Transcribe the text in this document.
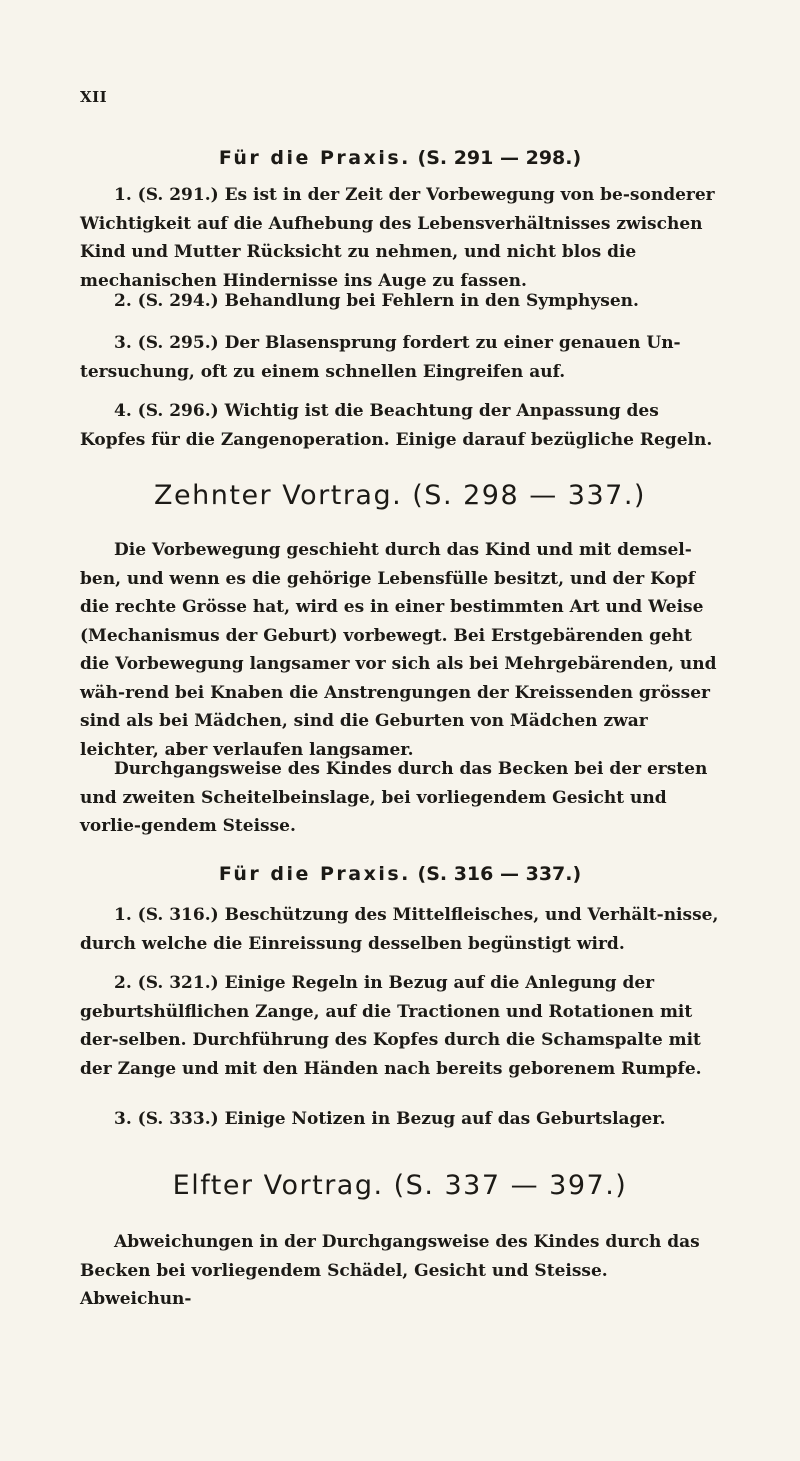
XII
Für die Praxis. (S. 291 — 298.)

1. (S. 291.) Es ist in der Zeit der Vorbewegung von be-sonderer Wichtigkeit auf die Aufhebung des Lebensverhältnisses zwischen Kind und Mutter Rücksicht zu nehmen, und nicht blos die mechanischen Hindernisse ins Auge zu fassen.

2. (S. 294.) Behandlung bei Fehlern in den Symphysen.

3. (S. 295.) Der Blasensprung fordert zu einer genauen Un-tersuchung, oft zu einem schnellen Eingreifen auf.

4. (S. 296.) Wichtig ist die Beachtung der Anpassung des Kopfes für die Zangenoperation. Einige darauf bezügliche Regeln.

Zehnter Vortrag. (S. 298 — 337.)

Die Vorbewegung geschieht durch das Kind und mit demsel-ben, und wenn es die gehörige Lebensfülle besitzt, und der Kopf die rechte Grösse hat, wird es in einer bestimmten Art und Weise (Mechanismus der Geburt) vorbewegt. Bei Erstgebärenden geht die Vorbewegung langsamer vor sich als bei Mehrgebärenden, und wäh-rend bei Knaben die Anstrengungen der Kreissenden grösser sind als bei Mädchen, sind die Geburten von Mädchen zwar leichter, aber verlaufen langsamer.

Durchgangsweise des Kindes durch das Becken bei der ersten und zweiten Scheitelbeinslage, bei vorliegendem Gesicht und vorlie-gendem Steisse.

Für die Praxis. (S. 316 — 337.)

1. (S. 316.) Beschützung des Mittelfleisches, und Verhält-nisse, durch welche die Einreissung desselben begünstigt wird.

2. (S. 321.) Einige Regeln in Bezug auf die Anlegung der geburtshülflichen Zange, auf die Tractionen und Rotationen mit der-selben. Durchführung des Kopfes durch die Schamspalte mit der Zange und mit den Händen nach bereits geborenem Rumpfe.

3. (S. 333.) Einige Notizen in Bezug auf das Geburtslager.

Elfter Vortrag. (S. 337 — 397.)

Abweichungen in der Durchgangsweise des Kindes durch das Becken bei vorliegendem Schädel, Gesicht und Steisse. Abweichun-
